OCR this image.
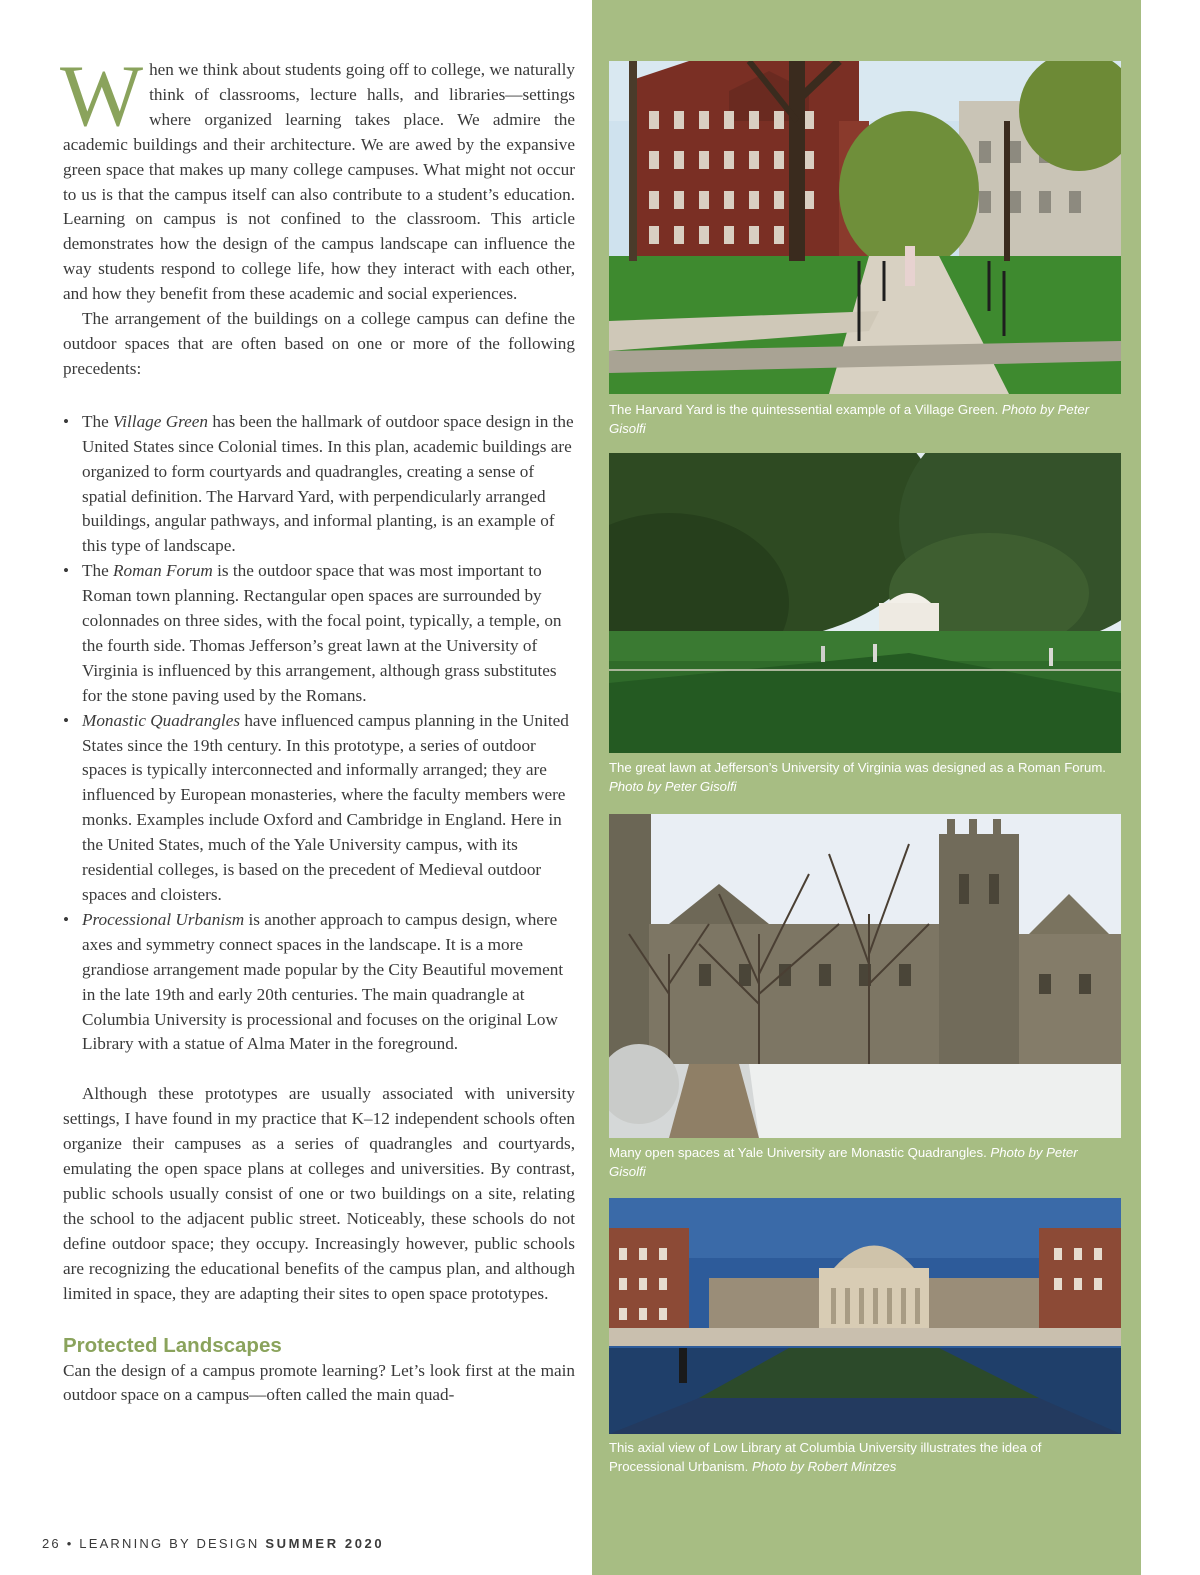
When we think about students going off to college, we naturally think of classrooms, lecture halls, and libraries—settings where organized learning takes place. We admire the academic buildings and their architecture. We are awed by the expansive green space that makes up many college campuses. What might not occur to us is that the campus itself can also contribute to a student’s education. Learning on campus is not confined to the classroom. This article demonstrates how the design of the campus landscape can influence the way students respond to college life, how they interact with each other, and how they benefit from these academic and social experiences.

The arrangement of the buildings on a college campus can define the outdoor spaces that are often based on one or more of the following precedents:

• The Village Green has been the hallmark of outdoor space design in the United States since Colonial times. In this plan, academic buildings are organized to form courtyards and quadrangles, creating a sense of spatial definition. The Harvard Yard, with perpendicularly arranged buildings, angular pathways, and informal planting, is an example of this type of landscape.
• The Roman Forum is the outdoor space that was most important to Roman town planning. Rectangular open spaces are surrounded by colonnades on three sides, with the focal point, typically, a temple, on the fourth side. Thomas Jefferson’s great lawn at the University of Virginia is influenced by this arrangement, although grass substitutes for the stone paving used by the Romans.
• Monastic Quadrangles have influenced campus planning in the United States since the 19th century. In this prototype, a series of outdoor spaces is typically interconnected and informally arranged; they are influenced by European monasteries, where the faculty members were monks. Examples include Oxford and Cambridge in England. Here in the United States, much of the Yale University campus, with its residential colleges, is based on the precedent of Medieval outdoor spaces and cloisters.
• Processional Urbanism is another approach to campus design, where axes and symmetry connect spaces in the landscape. It is a more grandiose arrangement made popular by the City Beautiful movement in the late 19th and early 20th centuries. The main quadrangle at Columbia University is processional and focuses on the original Low Library with a statue of Alma Mater in the foreground.

Although these prototypes are usually associated with university settings, I have found in my practice that K–12 independent schools often organize their campuses as a series of quadrangles and courtyards, emulating the open space plans at colleges and universities. By contrast, public schools usually consist of one or two buildings on a site, relating the school to the adjacent public street. Noticeably, these schools do not define outdoor space; they occupy. Increasingly however, public schools are recognizing the educational benefits of the campus plan, and although limited in space, they are adapting their sites to open space prototypes.

Protected Landscapes

Can the design of a campus promote learning? Let’s look first at the main outdoor space on a campus—often called the main quad-

26 • LEARNING BY DESIGN SUMMER 2020
The Harvard Yard is the quintessential example of a Village Green. Photo by Peter Gisolfi
The great lawn at Jefferson’s University of Virginia was designed as a Roman Forum. Photo by Peter Gisolfi
Many open spaces at Yale University are Monastic Quadrangles. Photo by Peter Gisolfi
This axial view of Low Library at Columbia University illustrates the idea of Processional Urbanism. Photo by Robert Mintzes
